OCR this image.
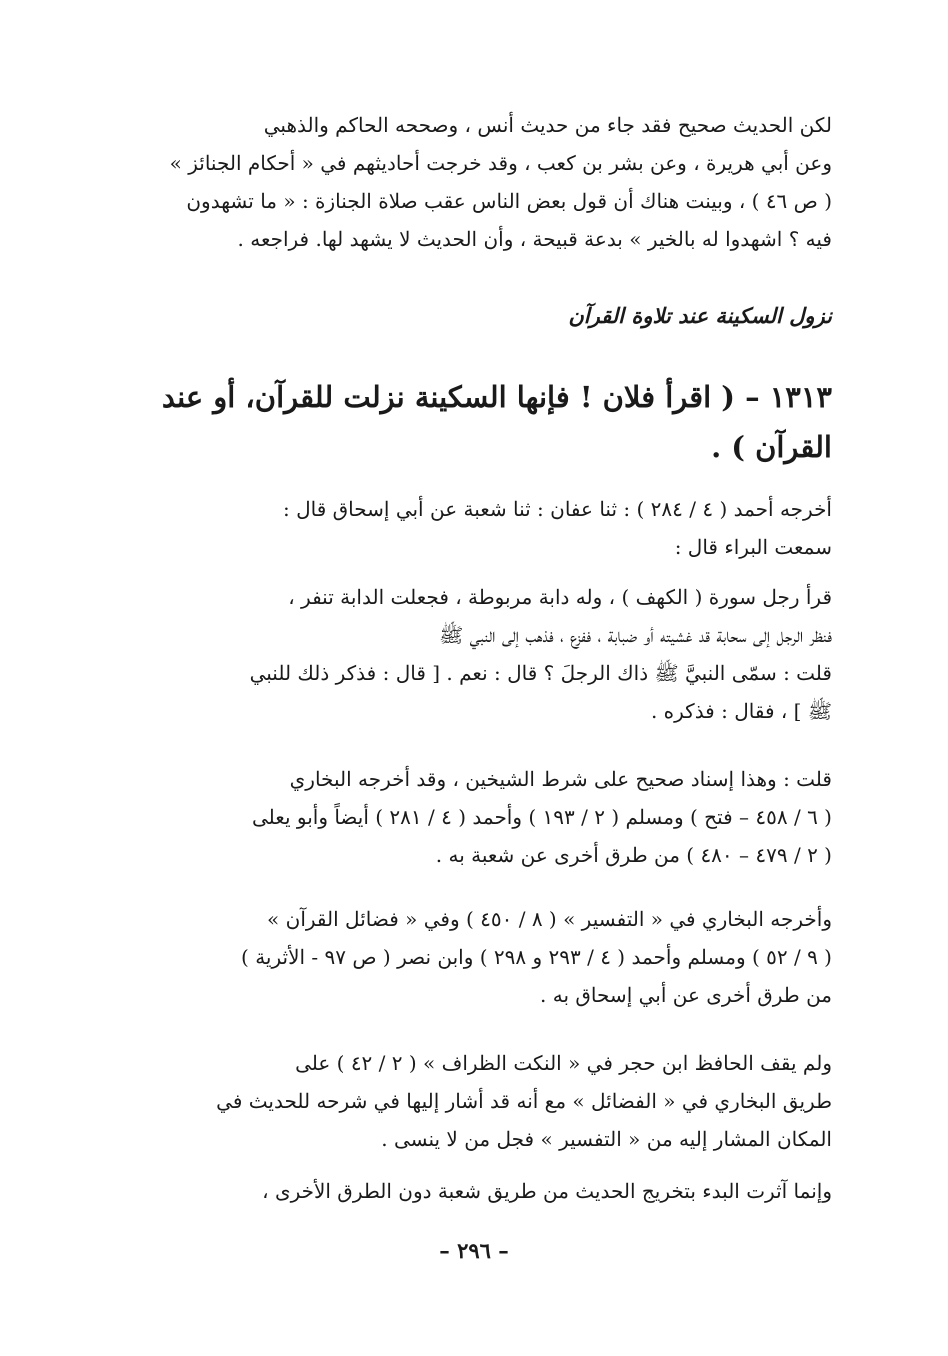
لكن الحديث صحيح فقد جاء من حديث أنس ، وصححه الحاكم والذهبي
وعن أبي هريرة ، وعن بشر بن كعب ، وقد خرجت أحاديثهم في « أحكام الجنائز »
( ص ٤٦ ) ، وبينت هناك أن قول بعض الناس عقب صلاة الجنازة : « ما تشهدون
فيه ؟ اشهدوا له بالخير » بدعة قبيحة ، وأن الحديث لا يشهد لها. فراجعه .

نزول السكينة عند تلاوة القرآن

١٣١٣ – ( اقرأ فلان ! فإنها السكينة نزلت للقرآن، أو عند
القرآن ) .

أخرجه أحمد ( ٤ / ٢٨٤ ) : ثنا عفان : ثنا شعبة عن أبي إسحاق قال :
سمعت البراء قال :

قرأ رجل سورة ( الكهف ) ، وله دابة مربوطة ، فجعلت الدابة تنفر ،
فنظر الرجل إلى سحابة قد غشيته أو ضبابة ، ففزع ، فذهب إلى النبي ﷺ
قلت : سمّى النبيَّ ﷺ ذاك الرجلَ ؟ قال : نعم . [ قال : فذكر ذلك للنبي
ﷺ ] ، فقال : فذكره .

قلت : وهذا إسناد صحيح على شرط الشيخين ، وقد أخرجه البخاري
( ٦ / ٤٥٨ – فتح ) ومسلم ( ٢ / ١٩٣ ) وأحمد ( ٤ / ٢٨١ ) أيضاً وأبو يعلى
( ٢ / ٤٧٩ – ٤٨٠ ) من طرق أخرى عن شعبة به .

وأخرجه البخاري في « التفسير » ( ٨ / ٤٥٠ ) وفي « فضائل القرآن »
( ٩ / ٥٢ ) ومسلم وأحمد ( ٤ / ٢٩٣ و ٢٩٨ ) وابن نصر ( ص ٩٧ - الأثرية )
من طرق أخرى عن أبي إسحاق به .

ولم يقف الحافظ ابن حجر في « النكت الظراف » ( ٢ / ٤٢ ) على
طريق البخاري في « الفضائل » مع أنه قد أشار إليها في شرحه للحديث في
المكان المشار إليه من « التفسير » فجل من لا ينسى .

وإنما آثرت البدء بتخريج الحديث من طريق شعبة دون الطرق الأخرى ،

– ٢٩٦ –
